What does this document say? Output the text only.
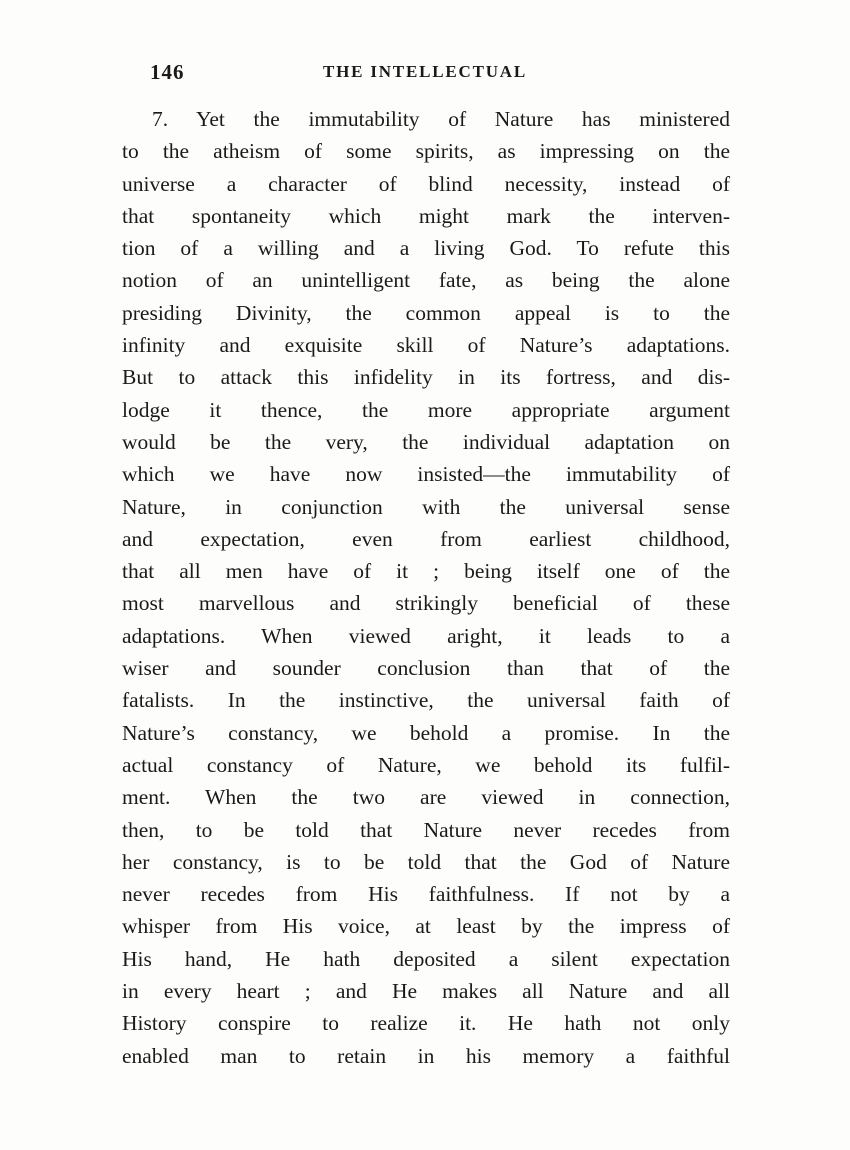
146	THE INTELLECTUAL
7. Yet the immutability of Nature has ministered
to the atheism of some spirits, as impressing on the
universe a character of blind necessity, instead of
that spontaneity which might mark the interven-
tion of a willing and a living God. To refute this
notion of an unintelligent fate, as being the alone
presiding Divinity, the common appeal is to the
infinity and exquisite skill of Nature’s adaptations.
But to attack this infidelity in its fortress, and dis-
lodge it thence, the more appropriate argument
would be the very, the individual adaptation on
which we have now insisted—the immutability of
Nature, in conjunction with the universal sense
and expectation, even from earliest childhood,
that all men have of it ; being itself one of the
most marvellous and strikingly beneficial of these
adaptations. When viewed aright, it leads to a
wiser and sounder conclusion than that of the
fatalists. In the instinctive, the universal faith of
Nature’s constancy, we behold a promise. In the
actual constancy of Nature, we behold its fulfil-
ment. When the two are viewed in connection,
then, to be told that Nature never recedes from
her constancy, is to be told that the God of Nature
never recedes from His faithfulness. If not by a
whisper from His voice, at least by the impress of
His hand, He hath deposited a silent expectation
in every heart ; and He makes all Nature and all
History conspire to realize it. He hath not only
enabled man to retain in his memory a faithful
